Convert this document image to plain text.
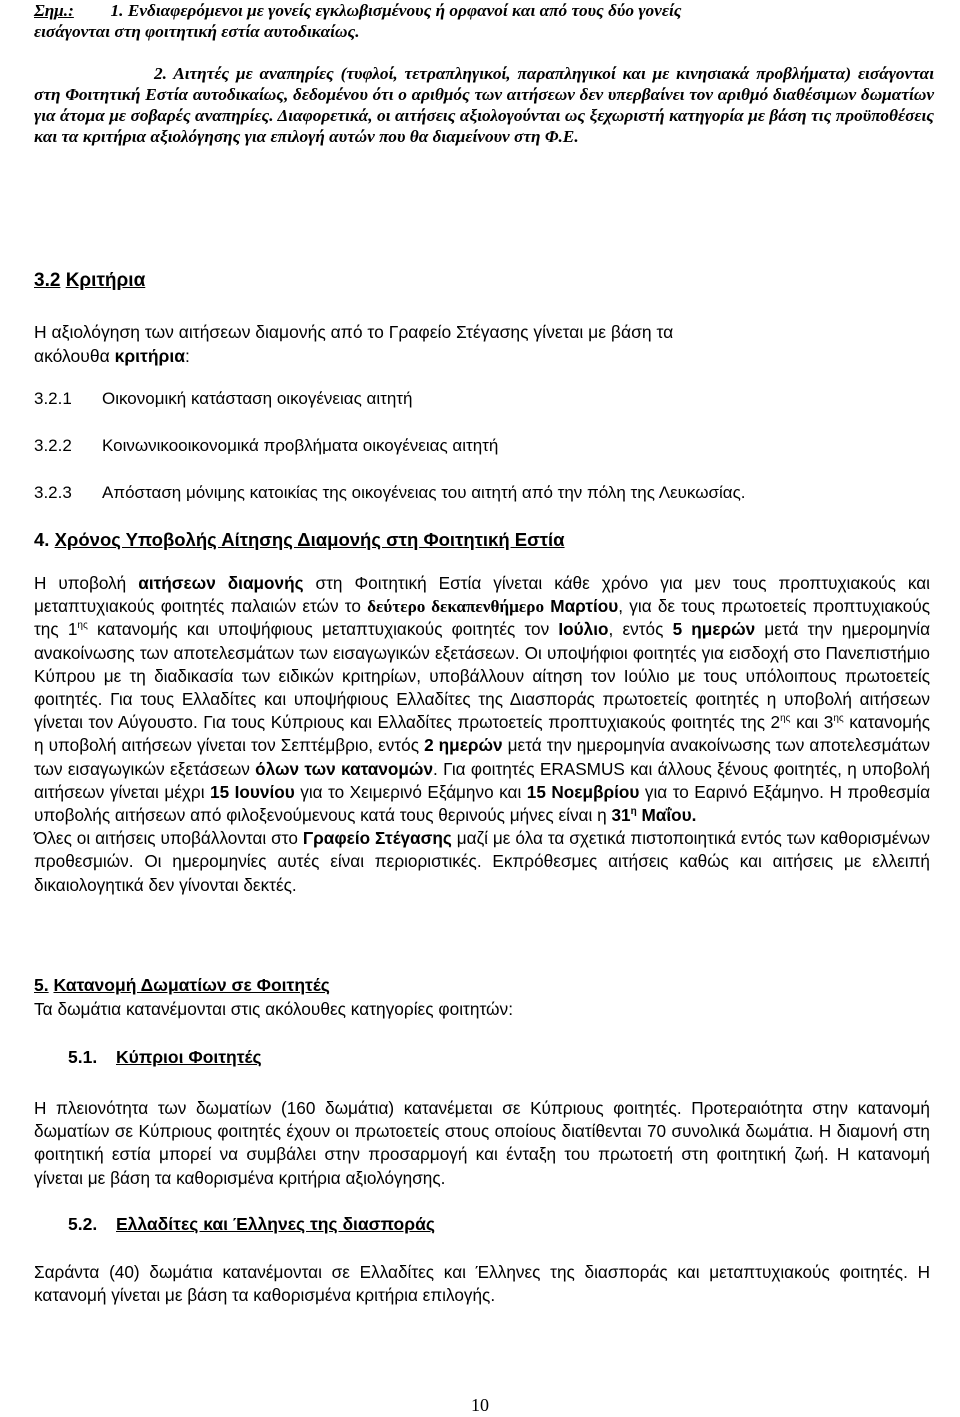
Σημ.: 1. Ενδιαφερόμενοι με γονείς εγκλωβισμένους ή ορφανοί και από τους δύο γονείς
εισάγονται στη φοιτητική εστία αυτοδικαίως.
2. Αιτητές με αναπηρίες (τυφλοί, τετραπληγικοί, παραπληγικοί και με κινησιακά προβλήματα) εισάγονται στη Φοιτητική Εστία αυτοδικαίως, δεδομένου ότι ο αριθμός των αιτήσεων δεν υπερβαίνει τον αριθμό διαθέσιμων δωματίων για άτομα με σοβαρές αναπηρίες. Διαφορετικά, οι αιτήσεις αξιολογούνται ως ξεχωριστή κατηγορία με βάση τις προϋποθέσεις και τα κριτήρια αξιολόγησης για επιλογή αυτών που θα διαμείνουν στη Φ.Ε.
3.2 Κριτήρια
Η αξιολόγηση των αιτήσεων διαμονής από το Γραφείο Στέγασης γίνεται με βάση τα ακόλουθα κριτήρια:
3.2.1 Οικονομική κατάσταση οικογένειας αιτητή
3.2.2 Κοινωνικοοικονομικά προβλήματα οικογένειας αιτητή
3.2.3 Απόσταση μόνιμης κατοικίας της οικογένειας του αιτητή από την πόλη της Λευκωσίας.
4. Χρόνος Υποβολής Αίτησης Διαμονής στη Φοιτητική Εστία
Η υποβολή αιτήσεων διαμονής στη Φοιτητική Εστία γίνεται κάθε χρόνο για μεν τους προπτυχιακούς και μεταπτυχιακούς φοιτητές παλαιών ετών το δεύτερο δεκαπενθήμερο Μαρτίου, για δε τους πρωτοετείς προπτυχιακούς της $1^{\eta\varsigma}$ κατανομής και υποψήφιους μεταπτυχιακούς φοιτητές τον Ιούλιο, εντός 5 ημερών μετά την ημερομηνία ανακοίνωσης των αποτελεσμάτων των εισαγωγικών εξετάσεων. Οι υποψήφιοι φοιτητές για εισδοχή στο Πανεπιστήμιο Κύπρου με τη διαδικασία των ειδικών κριτηρίων, υποβάλλουν αίτηση τον Ιούλιο με τους υπόλοιπους πρωτοετείς φοιτητές. Για τους Ελλαδίτες και υποψήφιους Ελλαδίτες της Διασποράς πρωτοετείς φοιτητές η υποβολή αιτήσεων γίνεται τον Αύγουστο. Για τους Κύπριους και Ελλαδίτες πρωτοετείς προπτυχιακούς φοιτητές της $2^{\eta\varsigma}$ και $3^{\eta\varsigma}$ κατανομής η υποβολή αιτήσεων γίνεται τον Σεπτέμβριο, εντός 2 ημερών μετά την ημερομηνία ανακοίνωσης των αποτελεσμάτων των εισαγωγικών εξετάσεων όλων των κατανομών. Για φοιτητές ERASMUS και άλλους ξένους φοιτητές, η υποβολή αιτήσεων γίνεται μέχρι 15 Ιουνίου για το Χειμερινό Εξάμηνο και 15 Νοεμβρίου για το Εαρινό Εξάμηνο. Η προθεσμία υποβολής αιτήσεων από φιλοξενούμενους κατά τους θερινούς μήνες είναι η $31^\eta$ Μαΐου.
Όλες οι αιτήσεις υποβάλλονται στο Γραφείο Στέγασης μαζί με όλα τα σχετικά πιστοποιητικά εντός των καθορισμένων προθεσμιών. Οι ημερομηνίες αυτές είναι περιοριστικές. Εκπρόθεσμες αιτήσεις καθώς και αιτήσεις με ελλειπή δικαιολογητικά δεν γίνονται δεκτές.
5. Κατανομή Δωματίων σε Φοιτητές
Τα δωμάτια κατανέμονται στις ακόλουθες κατηγορίες φοιτητών:
5.1. Κύπριοι Φοιτητές
Η πλειονότητα των δωματίων (160 δωμάτια) κατανέμεται σε Κύπριους φοιτητές. Προτεραιότητα στην κατανομή δωματίων σε Κύπριους φοιτητές έχουν οι πρωτοετείς στους οποίους διατίθενται 70 συνολικά δωμάτια. Η διαμονή στη φοιτητική εστία μπορεί να συμβάλει στην προσαρμογή και ένταξη του πρωτοετή στη φοιτητική ζωή. Η κατανομή γίνεται με βάση τα καθορισμένα κριτήρια αξιολόγησης.
5.2. Ελλαδίτες και Έλληνες της διασποράς
Σαράντα (40) δωμάτια κατανέμονται σε Ελλαδίτες και Έλληνες της διασποράς και μεταπτυχιακούς φοιτητές. Η κατανομή γίνεται με βάση τα καθορισμένα κριτήρια επιλογής.
10
